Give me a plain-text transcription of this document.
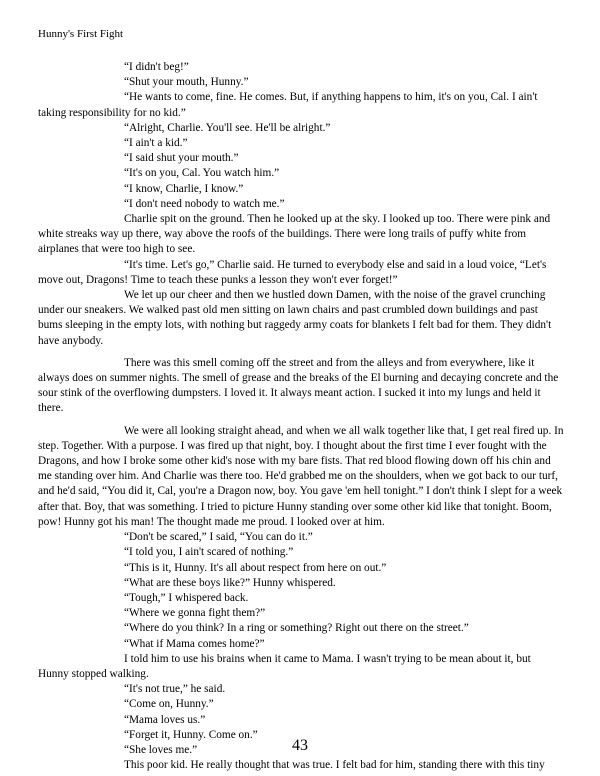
Hunny's First Fight

“I didn't beg!”

“Shut your mouth, Hunny.”

“He wants to come, fine. He comes. But, if anything happens to him, it's on you, Cal. I ain't taking responsibility for no kid.”

“Alright, Charlie. You'll see. He'll be alright.”

“I ain't a kid.”

“I said shut your mouth.”

“It's on you, Cal. You watch him.”

“I know, Charlie, I know.”

“I don't need nobody to watch me.”

Charlie spit on the ground. Then he looked up at the sky. I looked up too. There were pink and white streaks way up there, way above the roofs of the buildings. There were long trails of puffy white from airplanes that were too high to see.

“It's time. Let's go,” Charlie said. He turned to everybody else and said in a loud voice, “Let's move out, Dragons! Time to teach these punks a lesson they won't ever forget!”

We let up our cheer and then we hustled down Damen, with the noise of the gravel crunching under our sneakers. We walked past old men sitting on lawn chairs and past crumbled down buildings and past bums sleeping in the empty lots, with nothing but raggedy army coats for blankets I felt bad for them. They didn't have anybody.

There was this smell coming off the street and from the alleys and from everywhere, like it always does on summer nights. The smell of grease and the breaks of the El burning and decaying concrete and the sour stink of the overflowing dumpsters. I loved it. It always meant action. I sucked it into my lungs and held it there.

We were all looking straight ahead, and when we all walk together like that, I get real fired up. In step. Together. With a purpose. I was fired up that night, boy. I thought about the first time I ever fought with the Dragons, and how I broke some other kid's nose with my bare fists. That red blood flowing down off his chin and me standing over him. And Charlie was there too. He'd grabbed me on the shoulders, when we got back to our turf, and he'd said, “You did it, Cal, you're a Dragon now, boy. You gave 'em hell tonight.” I don't think I slept for a week after that. Boy, that was something. I tried to picture Hunny standing over some other kid like that tonight. Boom, pow! Hunny got his man! The thought made me proud. I looked over at him.

“Don't be scared,” I said, “You can do it.”

“I told you, I ain't scared of nothing.”

“This is it, Hunny. It's all about respect from here on out.”

“What are these boys like?” Hunny whispered.

“Tough,” I whispered back.

“Where we gonna fight them?”

“Where do you think? In a ring or something? Right out there on the street.”

“What if Mama comes home?”

I told him to use his brains when it came to Mama. I wasn't trying to be mean about it, but Hunny stopped walking.

“It's not true,” he said.

“Come on, Hunny.”

“Mama loves us.”

“Forget it, Hunny. Come on.”

“She loves me.”

This poor kid. He really thought that was true. I felt bad for him, standing there with this tiny

43
